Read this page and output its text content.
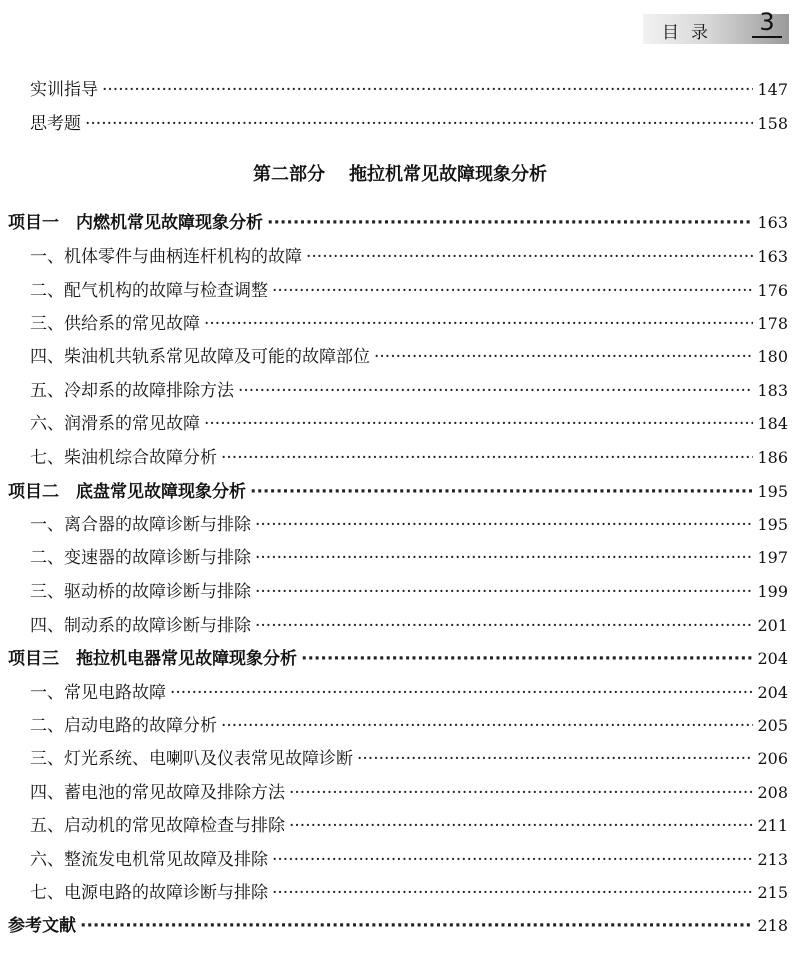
目录	3
实训指导 ·····	147
思考题 ·····	158
第二部分 拖拉机常见故障现象分析
项目一　内燃机常见故障现象分析 ·····	163
一、机体零件与曲柄连杆机构的故障 ·····	163
二、配气机构的故障与检查调整 ·····	176
三、供给系的常见故障 ·····	178
四、柴油机共轨系常见故障及可能的故障部位 ·····	180
五、冷却系的故障排除方法 ·····	183
六、润滑系的常见故障 ·····	184
七、柴油机综合故障分析 ·····	186
项目二　底盘常见故障现象分析 ·····	195
一、离合器的故障诊断与排除 ·····	195
二、变速器的故障诊断与排除 ·····	197
三、驱动桥的故障诊断与排除 ·····	199
四、制动系的故障诊断与排除 ·····	201
项目三　拖拉机电器常见故障现象分析 ·····	204
一、常见电路故障 ·····	204
二、启动电路的故障分析 ·····	205
三、灯光系统、电喇叭及仪表常见故障诊断 ·····	206
四、蓄电池的常见故障及排除方法 ·····	208
五、启动机的常见故障检查与排除 ·····	211
六、整流发电机常见故障及排除 ·····	213
七、电源电路的故障诊断与排除 ·····	215
参考文献 ·····	218
